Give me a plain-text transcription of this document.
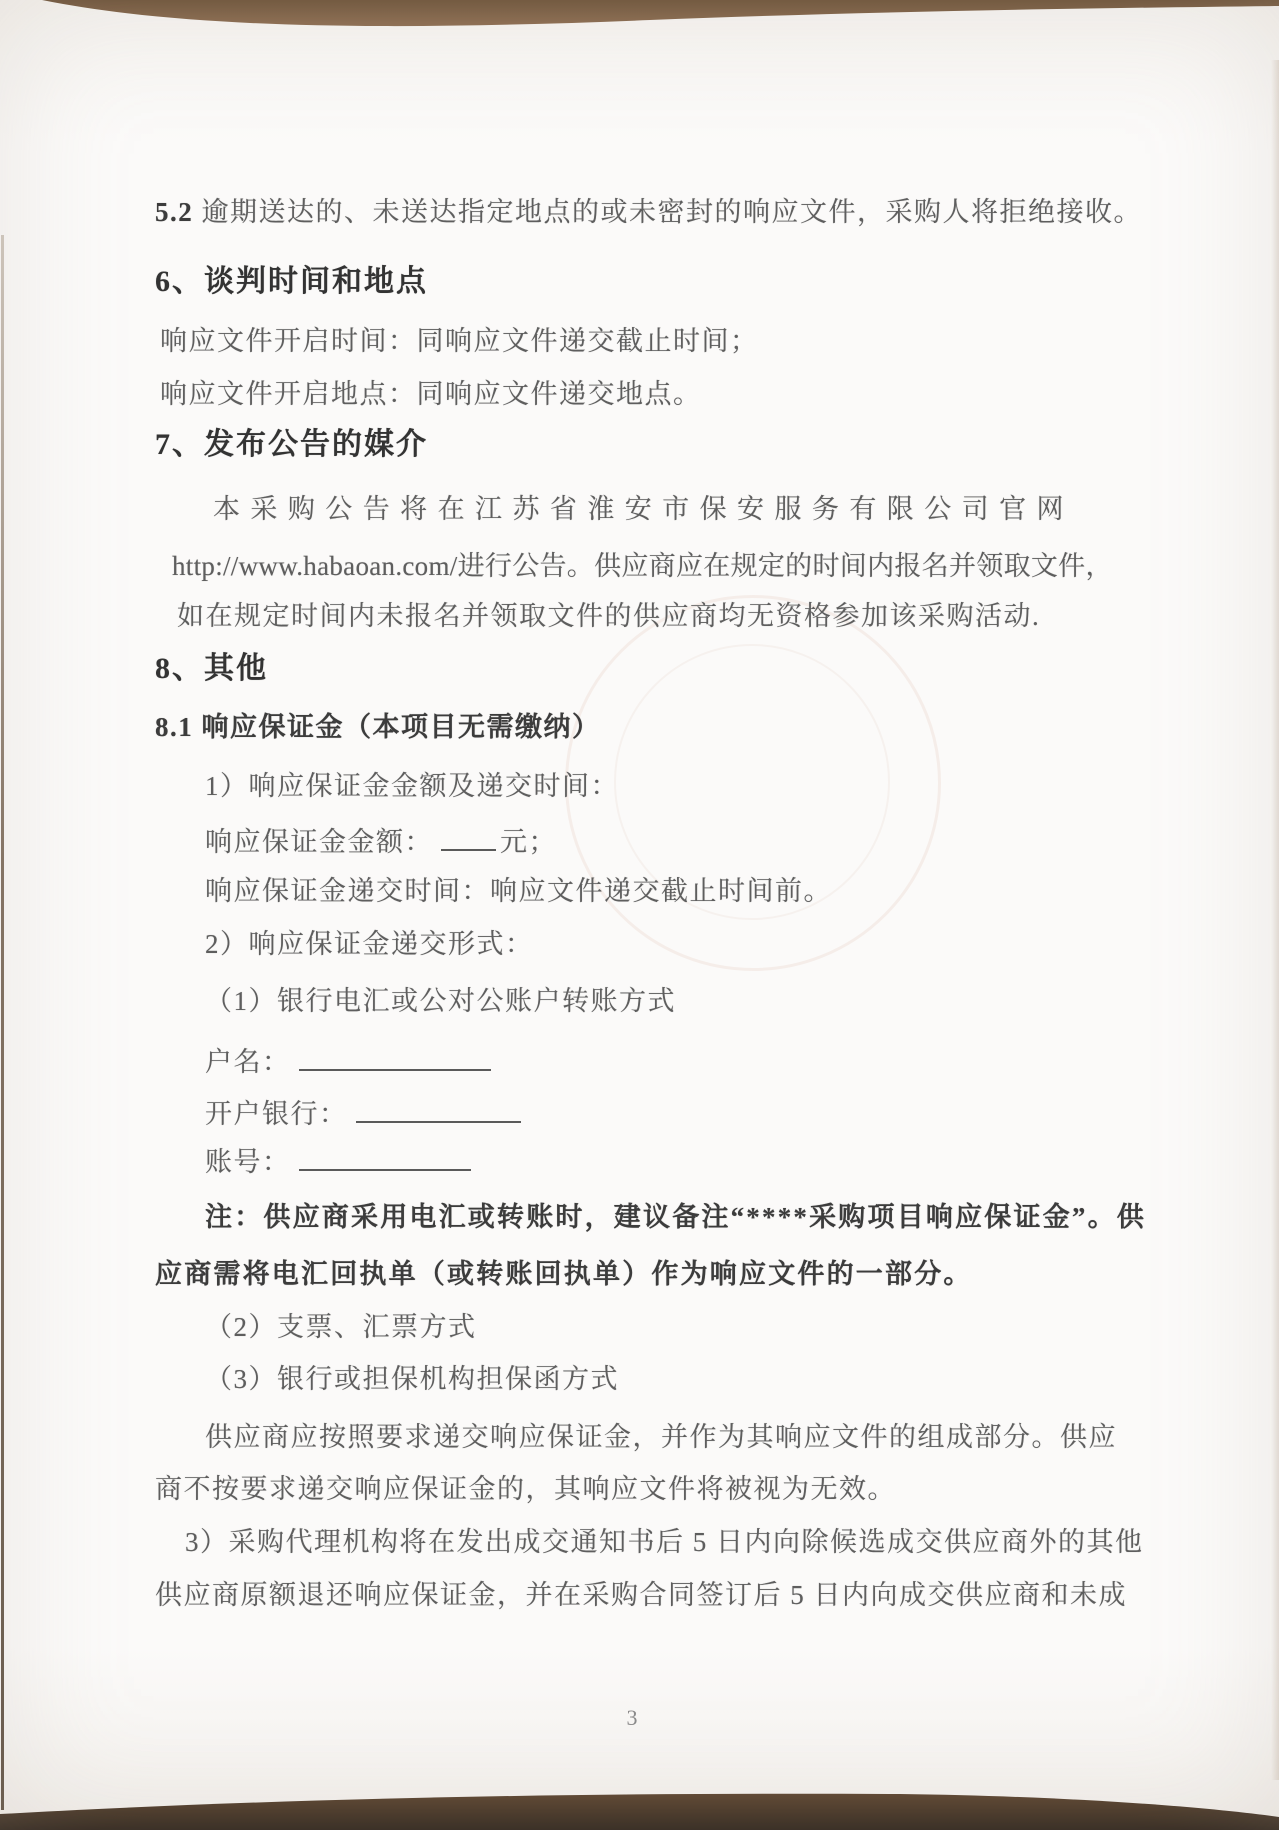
5.2 逾期送达的、未送达指定地点的或未密封的响应文件，采购人将拒绝接收。
6、谈判时间和地点
响应文件开启时间：同响应文件递交截止时间；
响应文件开启地点：同响应文件递交地点。
7、发布公告的媒介
本采购公告将在江苏省淮安市保安服务有限公司官网
http://www.habaoan.com/进行公告。供应商应在规定的时间内报名并领取文件，
如在规定时间内未报名并领取文件的供应商均无资格参加该采购活动.
8、其他
8.1 响应保证金（本项目无需缴纳）
1）响应保证金金额及递交时间：
响应保证金金额： 元；
响应保证金递交时间：响应文件递交截止时间前。
2）响应保证金递交形式：
（1）银行电汇或公对公账户转账方式
户名：
开户银行：
账号：
注：供应商采用电汇或转账时，建议备注“****采购项目响应保证金”。供
应商需将电汇回执单（或转账回执单）作为响应文件的一部分。
（2）支票、汇票方式
（3）银行或担保机构担保函方式
供应商应按照要求递交响应保证金，并作为其响应文件的组成部分。供应
商不按要求递交响应保证金的，其响应文件将被视为无效。
3）采购代理机构将在发出成交通知书后 5 日内向除候选成交供应商外的其他
供应商原额退还响应保证金，并在采购合同签订后 5 日内向成交供应商和未成
3
